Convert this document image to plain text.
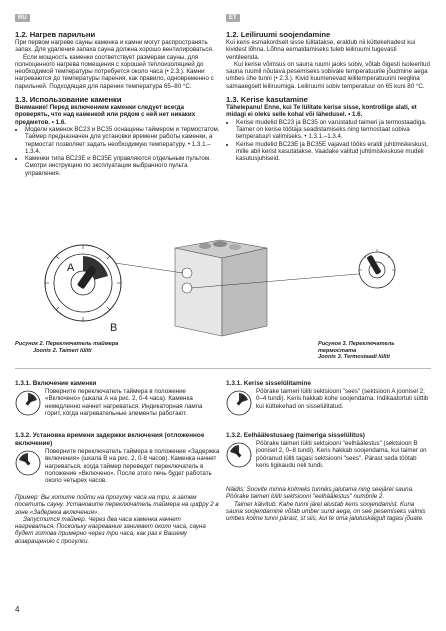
RU	ET
1.2. Нагрев парильни

При первом нагреве сауны каменка и камни могут распространять запах. Для удаления запаха сауна должна хорошо вентилироваться.

Если мощность каменки соответствует размерам сауны, для полноценного нагрева помещения с хорошей теплоизоляцией до необходимой температуры потребуется около часа (• 2.3.). Камни нагреваются до температуры парения, как правило, одновременно с парильней. Подходящая для парения температура 65–80 °C.

1.3. Использование каменки

Внимание! Перед включением каменки следует всегда проверять, что над каменкой или рядом с ней нет никаких предметов. • 1.6.

• Модели каменок BC23 и BC35 оснащены таймером и термостатом. Таймер предназначен для установки времени работы каменки, а термостат позволяет задать необходимую температуру. • 1.3.1.–1.3.4.
• Каменки типа BC23E и BC35E управляются отдельным пультом. Смотри инструкцию по эксплуатации выбранного пульта управления.
1.2. Leiliruumi soojendamine

Kui keris esmakordselt sisse lülitatakse, eraldub nii küttekehadest kui kividest lõhna. Lõhna eemaldamiseks tuleb leiliruumi tugevasti ventileerida.

Kui kerise võimsus on sauna ruumi jaoks sobiv, võtab õigesti isoleeritud sauna ruumil nõutava pesemiseks sobivale temperatuurile jõudmine aega umbes ühe tunni (• 2.3.). Kivid kuumenevad leilitemperatuurini reeglina samaaegselt leiliruumiga. Leiliruumi sobiv temperatuur on 65 kuni 80 °C.

1.3. Kerise kasutamine

Tähelepanu! Enne, kui Te lülitate kerise sisse, kontrollige alati, et midagi ei oleks selle kohal või lähedusel. • 1.6.

• Kerise mudelid BC23 ja BC35 on varustatud taimeri ja termostaadiga. Taimer on kerise töötaja seadistamiseks ning termostaat sobiva temperatuuri valimiseks. • 1.3.1.–1.3.4.
• Kerise mudelid BC23E ja BC35E vajavad tööks eraldi juhtimiskeskust, mille abil kerist kasutatakse. Vaadake valitud juhtimiskeskuse mudeli kasutusjuhiseid.
A
B
Рисунок 2. Переключатель таймера
Joonis 2. Taimeri lüliti
Рисунок 3. Переключатель термостата
Joonis 3. Termostaadi lüliti

1.3.1. Включение каменки

Поверните переключатель таймера в положение «Включено» (шкала А на рис. 2, 0-4 часа). Каменка немедленно начнет нагреваться. Индикаторная лампа горит, когда нагревательные элементы работают.

1.3.2. Установка времени задержки включения (отложенное включение)

Поверните переключатель таймера в положение «Задержка включения» (шкала B на рис. 2, 0-8 часов). Каменка начнет нагреваться, когда таймер переведет переключатель в положение «Включено». После этого печь будет работать около четырех часов.

Пример: Вы хотите пойти на прогулку часа на три, а затем посетить сауну. Установите переключатель таймера на цифру 2 в зоне «Задержка включения».

Запустится таймер. Через два часа каменка начнет нагреваться. Поскольку нагревание занимает около часа, сауна будет готова примерно через три часа, как раз к Вашему возвращению с прогулки.

1.3.1. Kerise sisselülitamine

Pöörake taimeri lüliti sektsiooni "sees" (sektsioon A joonisel 2; 0–4 tundi). Keris hakkab kohe soojendama. Indikaatortuli süttib kui küttekehad on sisselülitatud.

1.3.2. Eelhäälestusaeg (taimeriga sisselülitus)

Pöörake taimeri lüliti sektsiooni "eelhäälestus" (sektsioon B joonisel 2, 0–8 tundi). Keris hakkab soojendama, kui taimer on pööranud lüliti tagasi sektsiooni "sees". Pärast seda töötab keris ligikaudu neli tundi.

Näidis: Soovite minna kolmeks tunniks jalutama ning seejärel sauna. Pöörake taimeri lüliti sektsiooni "eelhäälestus" numbrile 2.

Taimer käivitub. Kahe tunni järel alustab keris soojendamist. Kuna sauna soojendamine võtab umber sund aega, on see pesemiseks valmis umbes kolme tunni pärast, st siis, kui te oma jalutuskäigult tagasi jõuate.

4
